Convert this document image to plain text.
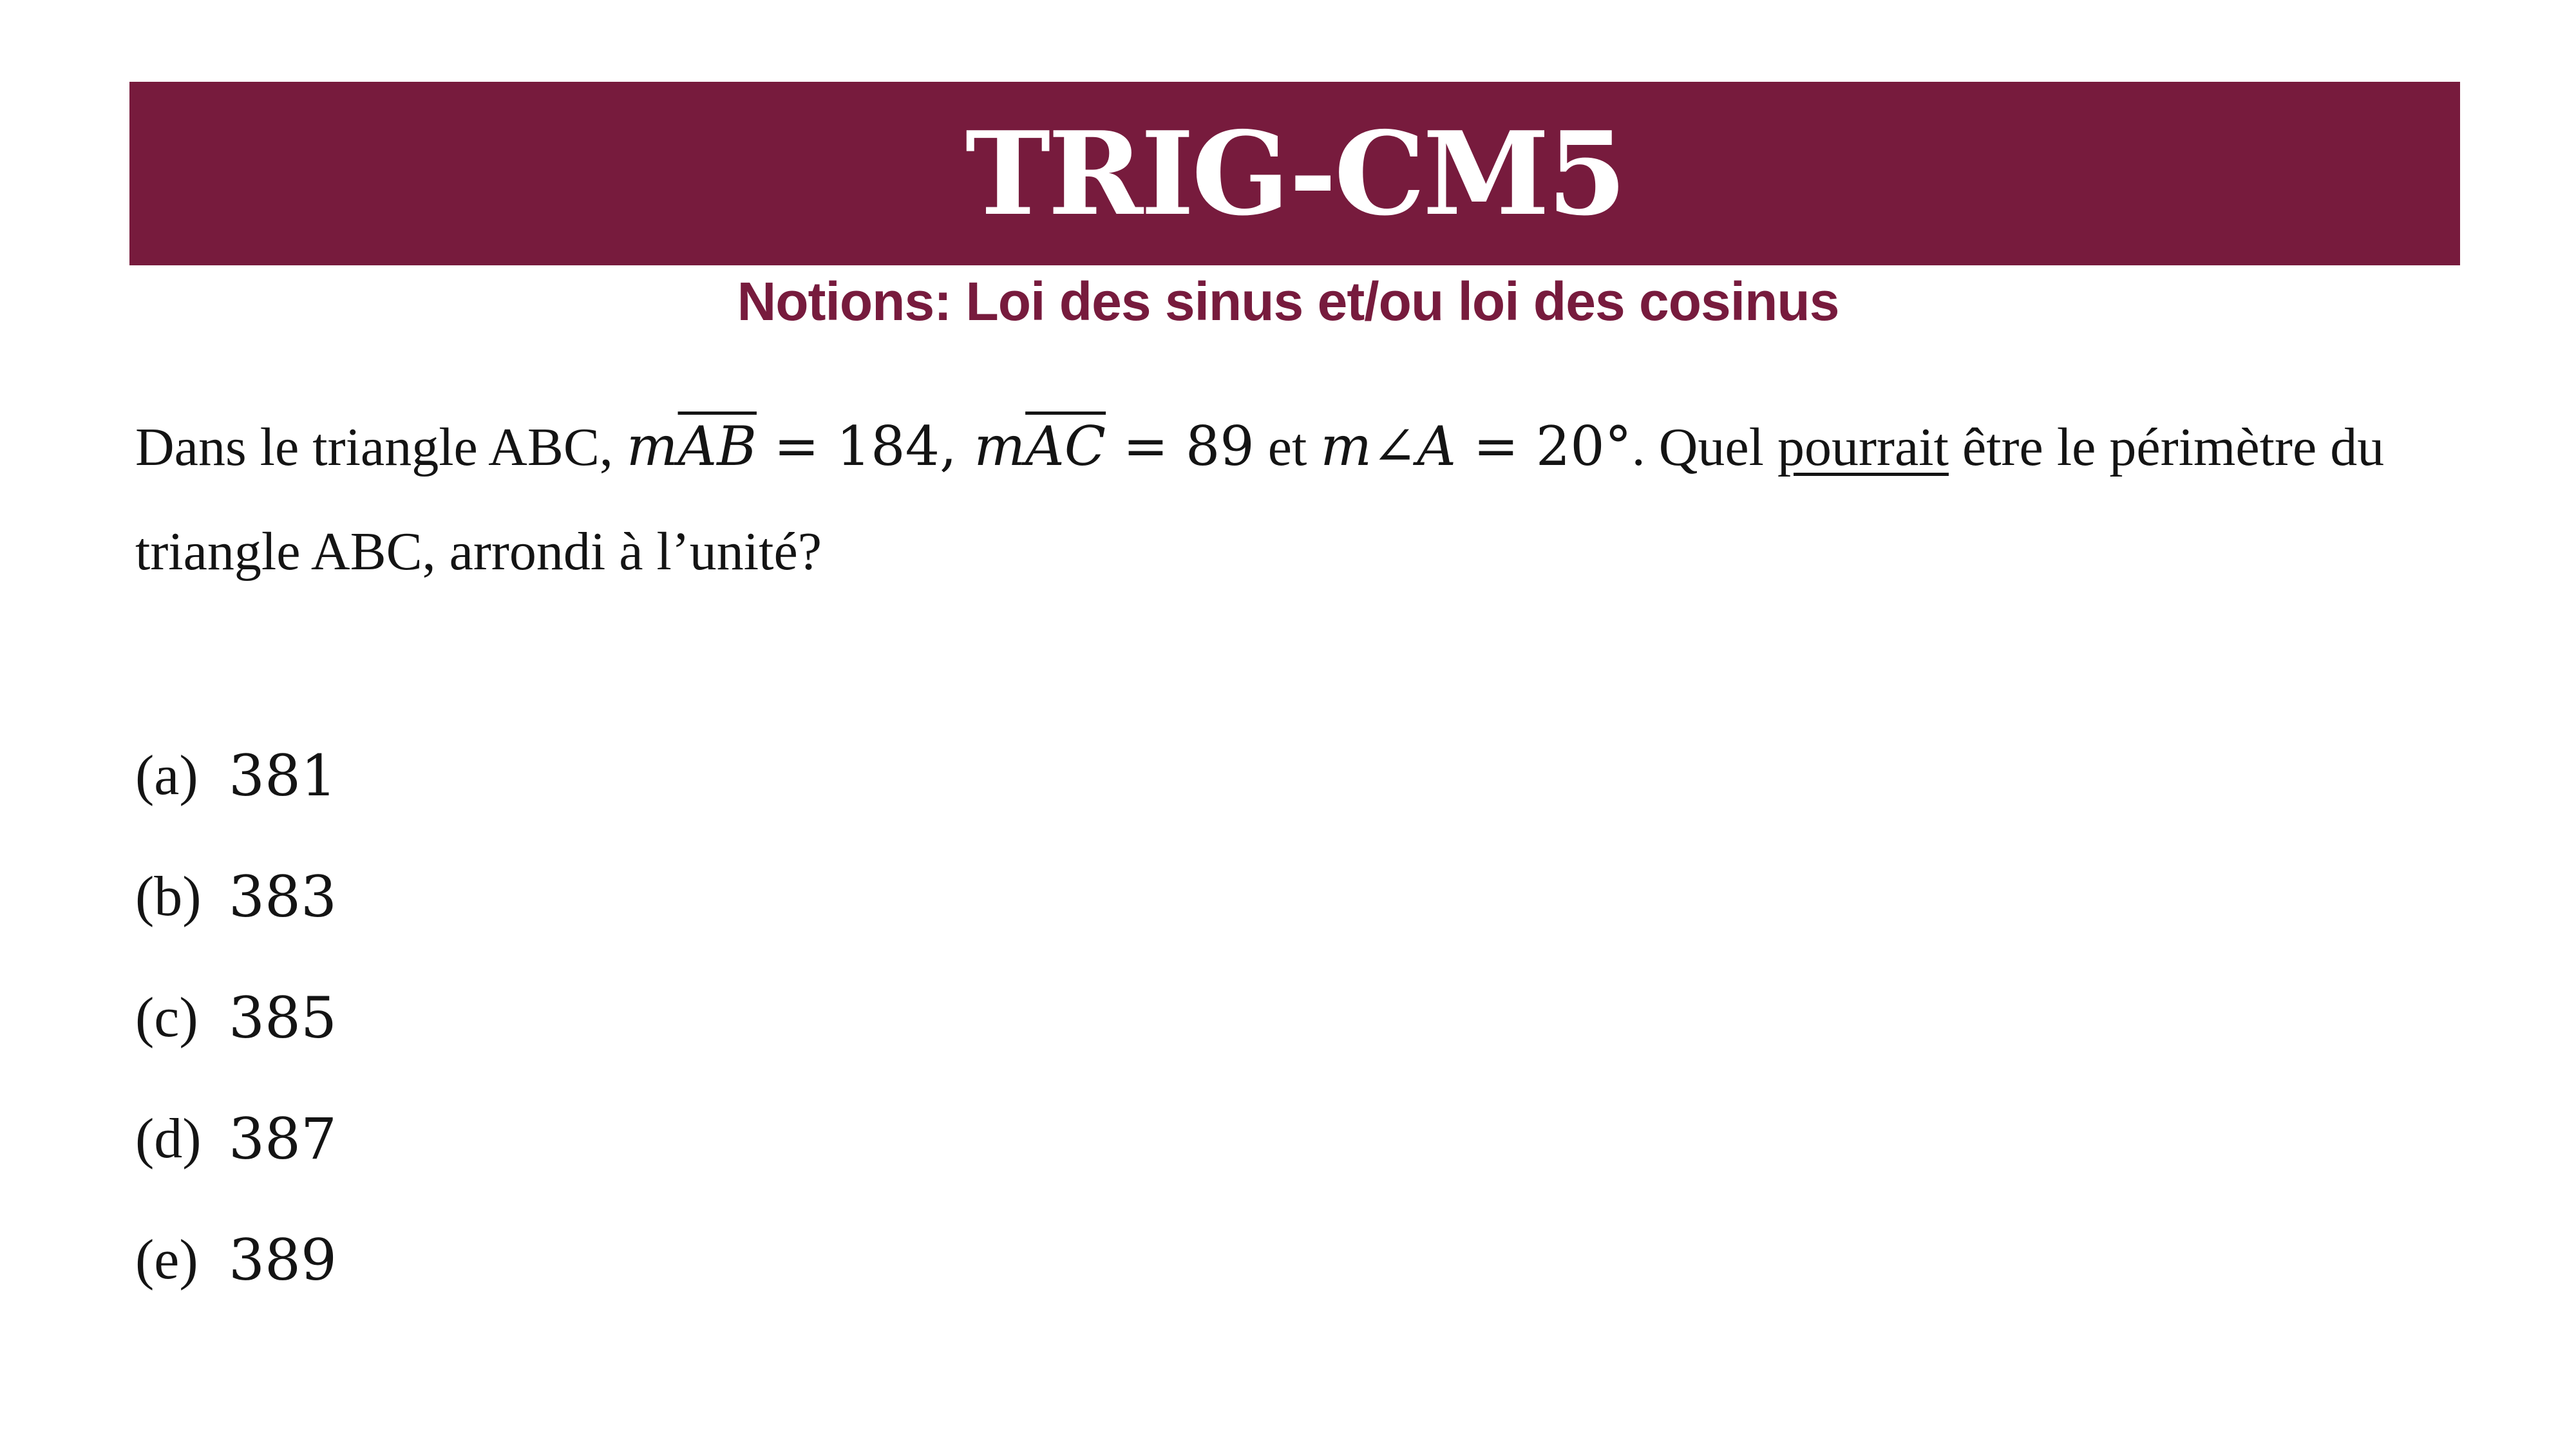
TRIG-CM5
Notions: Loi des sinus et/ou loi des cosinus
Dans le triangle ABC, $m\overline{AB} = 184$, $m\overline{AC} = 89$ et m∠A = 20°. Quel pourrait être le périmètre du
triangle ABC, arrondi à l’unité?
(a) 381
(b) 383
(c) 385
(d) 387
(e) 389
